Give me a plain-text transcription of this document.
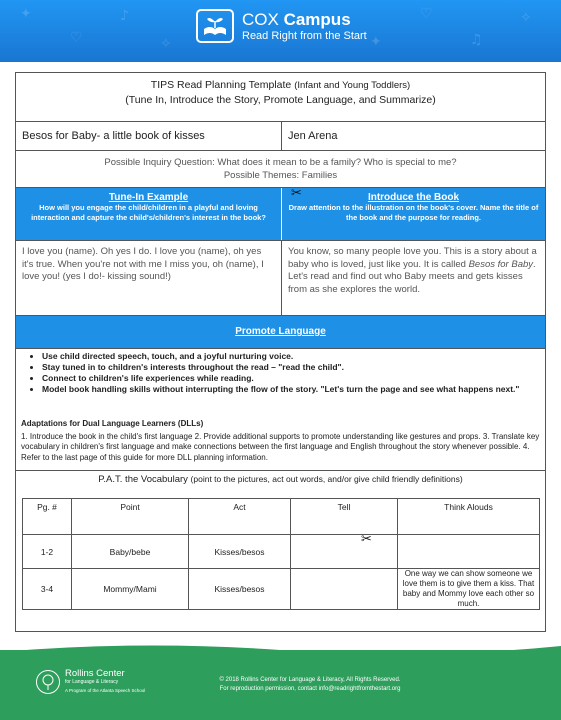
✦
♡
♪
✧	✦
♡
♫
✧
COX Campus
Read Right from the Start
TIPS Read Planning Template (Infant and Young Toddlers)
(Tune In, Introduce the Story, Promote Language, and Summarize)
Besos for Baby- a little book of kisses	Jen Arena
Possible Inquiry Question: What does it mean to be a family? Who is special to me?
Possible Themes: Families
Tune-In Example
How will you engage the child/children in a playful and loving interaction and capture the child's/children's interest in the book?
Introduce the Book
Draw attention to the illustration on the book's cover. Name the title of the book and the purpose for reading.
I love you (name). Oh yes I do. I love you (name), oh yes it's true. When you're not with me I miss you, oh (name), I love you! (yes I do!- kissing sound!)
You know, so many people love you. This is a story about a baby who is loved, just like you. It is called Besos for Baby. Let's read and find out who Baby meets and gets kisses from as she explores the world.
Promote Language
• Use child directed speech, touch, and a joyful nurturing voice.
• Stay tuned in to children's interests throughout the read – "read the child".
• Connect to children's life experiences while reading.
• Model book handling skills without interrupting the flow of the story. "Let's turn the page and see what happens next."
Adaptations for Dual Language Learners (DLLs)
1. Introduce the book in the child's first language 2. Provide additional supports to promote understanding like gestures and props. 3. Translate key vocabulary in children's first language and make connections between the first language and English throughout the story whenever possible. 4. Refer to the last page of this guide for more DLL planning information.
P.A.T. the Vocabulary (point to the pictures, act out words, and/or give child friendly definitions)
Pg. #	Point	Act	Tell	Think Alouds
1-2	Baby/bebe	Kisses/besos		
3-4	Mommy/Mami	Kisses/besos		One way we can show someone we love them is to give them a kiss. That baby and Mommy love each other so much.
✂
✂
Rollins Center
for Language & Literacy
A Program of the Atlanta Speech School
© 2018 Rollins Center for Language & Literacy, All Rights Reserved.
For reproduction permission, contact info@readrightfromthestart.org
